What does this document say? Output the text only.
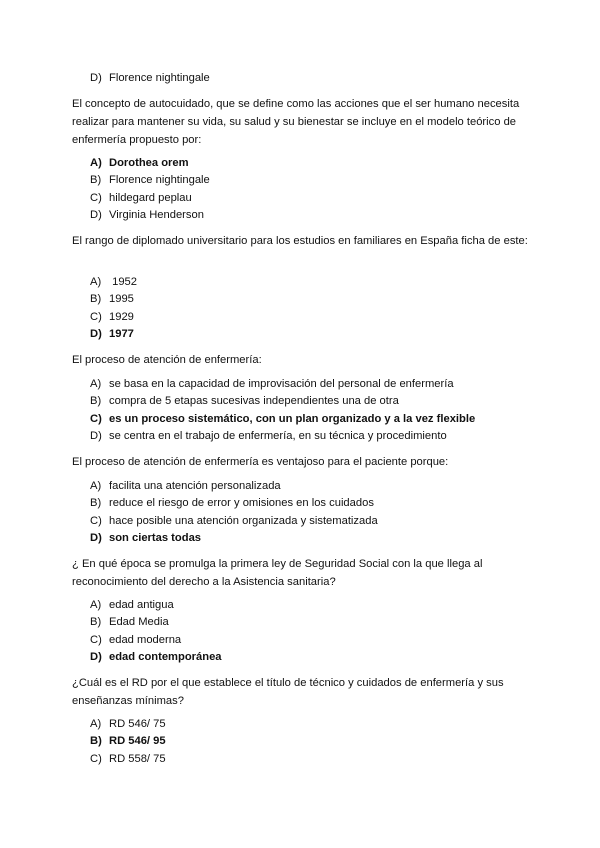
D) Florence nightingale
El concepto de autocuidado, que se define como las acciones que el ser humano necesita realizar para mantener su vida, su salud y su bienestar se incluye en el modelo teórico de enfermería propuesto por:
A) Dorothea orem
B) Florence nightingale
C) hildegard peplau
D) Virginia Henderson
El rango de diplomado universitario para los estudios en familiares en España ficha de este:
A) 1952
B) 1995
C) 1929
D) 1977
El proceso de atención de enfermería:
A) se basa en la capacidad de improvisación del personal de enfermería
B) compra de 5 etapas sucesivas independientes una de otra
C) es un proceso sistemático, con un plan organizado y a la vez flexible
D) se centra en el trabajo de enfermería, en su técnica y procedimiento
El proceso de atención de enfermería es ventajoso para el paciente porque:
A) facilita una atención personalizada
B) reduce el riesgo de error y omisiones en los cuidados
C) hace posible una atención organizada y sistematizada
D) son ciertas todas
¿ En qué época se promulga la primera ley de Seguridad Social con la que llega al reconocimiento del derecho a la Asistencia sanitaria?
A) edad antigua
B) Edad Media
C) edad moderna
D) edad contemporánea
¿Cuál es el RD por el que establece el título de técnico y cuidados de enfermería y sus enseñanzas mínimas?
A) RD 546/ 75
B) RD 546/ 95
C) RD 558/ 75
